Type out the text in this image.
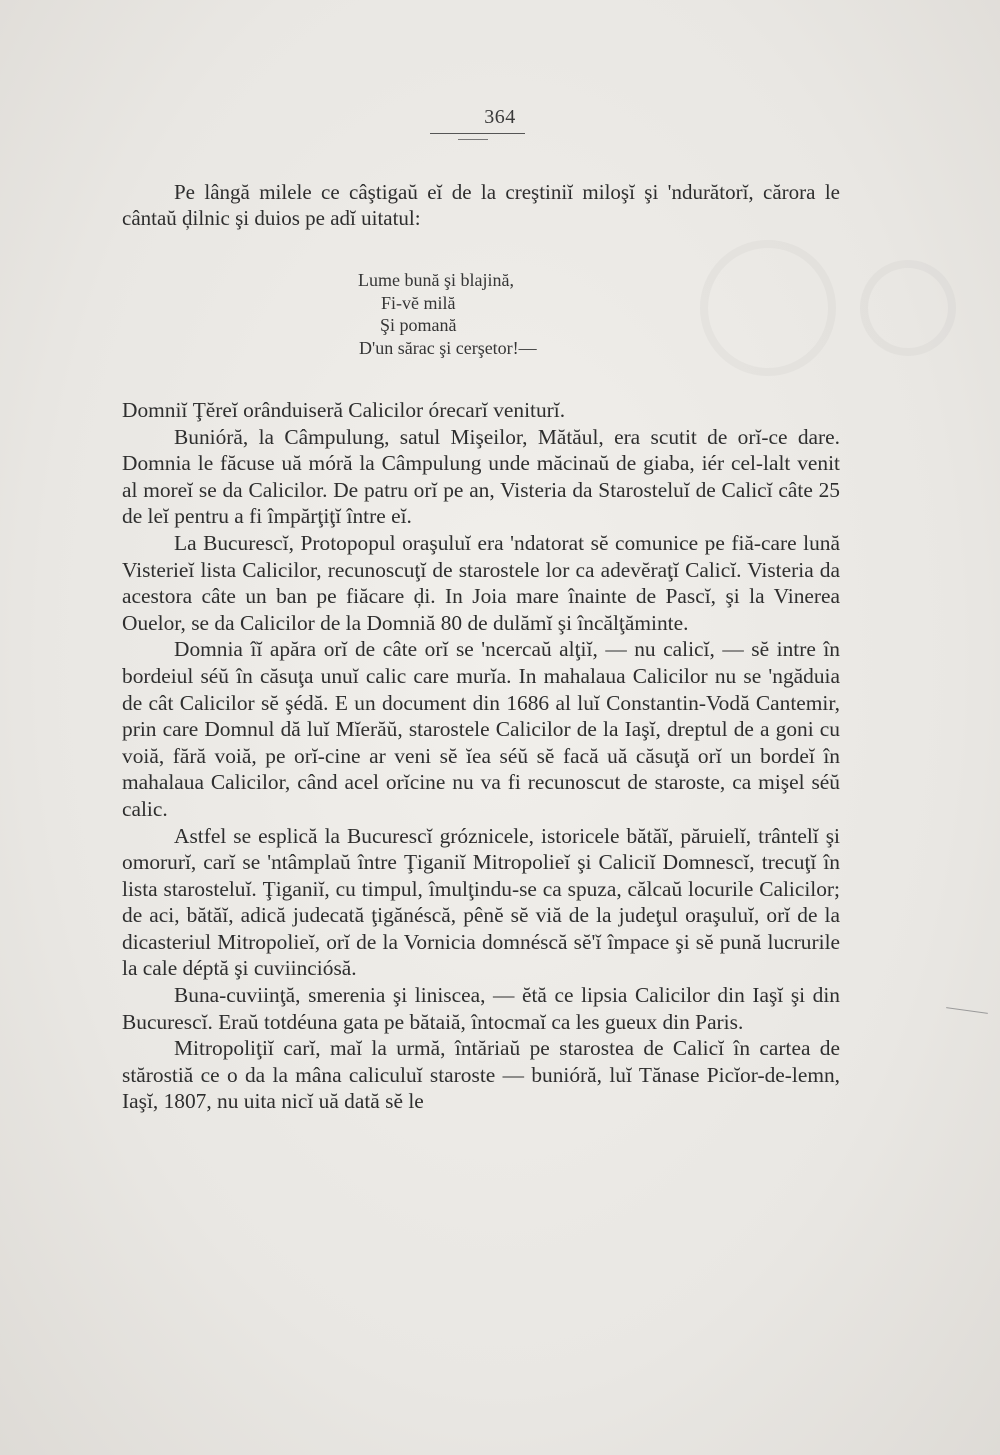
364

Pe lângă milele ce câştigaŭ eĭ de la creştiniĭ miloşĭ şi 'ndurătorĭ, cărora le cântaŭ ḑilnic şi duios pe adĭ uitatul:

Lume bună şi blajină,
Fi-vĕ milă
Şi pomană
D'un sărac şi cerşetor!—

Domniĭ Ţĕreĭ orânduiseră Calicilor órecarĭ veniturĭ.

Bunióră, la Câmpulung, satul Mişeilor, Mătăul, era scutit de orĭ-ce dare. Domnia le făcuse uă móră la Câmpulung unde măcinaŭ de giaba, iér cel-lalt venit al moreĭ se da Calicilor. De patru orĭ pe an, Visteria da Starosteluĭ de Calicĭ câte 25 de leĭ pentru a fi împărţiţĭ între eĭ.

La Bucurescĭ, Protopopul oraşuluĭ era 'ndatorat sĕ comunice pe fiă-care lună Visterieĭ lista Calicilor, recunoscuţĭ de starostele lor ca adevĕraţĭ Calicĭ. Visteria da acestora câte un ban pe fiăcare ḑi. In Joia mare înainte de Pascĭ, şi la Vinerea Ouelor, se da Calicilor de la Domniă 80 de dulămĭ şi încălţăminte.

Domnia îĭ apăra orĭ de câte orĭ se 'ncercaŭ alţiĭ, — nu calicĭ, — sĕ intre în bordeiul séŭ în căsuţa unuĭ calic care murĭa. In mahalaua Calicilor nu se 'ngăduia de cât Calicilor sĕ şédă. E un document din 1686 al luĭ Constantin-Vodă Cantemir, prin care Domnul dă luĭ Mĭerăŭ, starostele Calicilor de la Iaşĭ, dreptul de a goni cu voiă, fără voiă, pe orĭ-cine ar veni sĕ ĭea séŭ sĕ facă uă căsuţă orĭ un bordeĭ în mahalaua Calicilor, când acel orĭcine nu va fi recunoscut de staroste, ca mişel séŭ calic.

Astfel se esplică la Bucurescĭ gróznicele, istoricele bătăĭ, păruielĭ, trântelĭ şi omorurĭ, carĭ se 'ntâmplaŭ între Ţiganiĭ Mitropolieĭ şi Caliciĭ Domnescĭ, trecuţĭ în lista starosteluĭ. Ţiganiĭ, cu timpul, îmulţindu-se ca spuza, călcaŭ locurile Calicilor; de aci, bătăĭ, adică judecată ţigănéscă, pênĕ sĕ viă de la judeţul oraşuluĭ, orĭ de la dicasteriul Mitropolieĭ, orĭ de la Vornicia domnéscă sĕ'ĭ împace şi sĕ pună lucrurile la cale déptă şi cuviinciósă.

Buna-cuviinţă, smerenia şi liniscea, — ĕtă ce lipsia Calicilor din Iaşĭ şi din Bucurescĭ. Eraŭ totdéuna gata pe bătaiă, întocmaĭ ca les gueux din Paris.

Mitropoliţiĭ carĭ, maĭ la urmă, întăriaŭ pe starostea de Calicĭ în cartea de stărostiă ce o da la mâna caliculuĭ staroste — bunióră, luĭ Tănase Picĭor-de-lemn, Iaşĭ, 1807, nu uita nicĭ uă dată sĕ le
